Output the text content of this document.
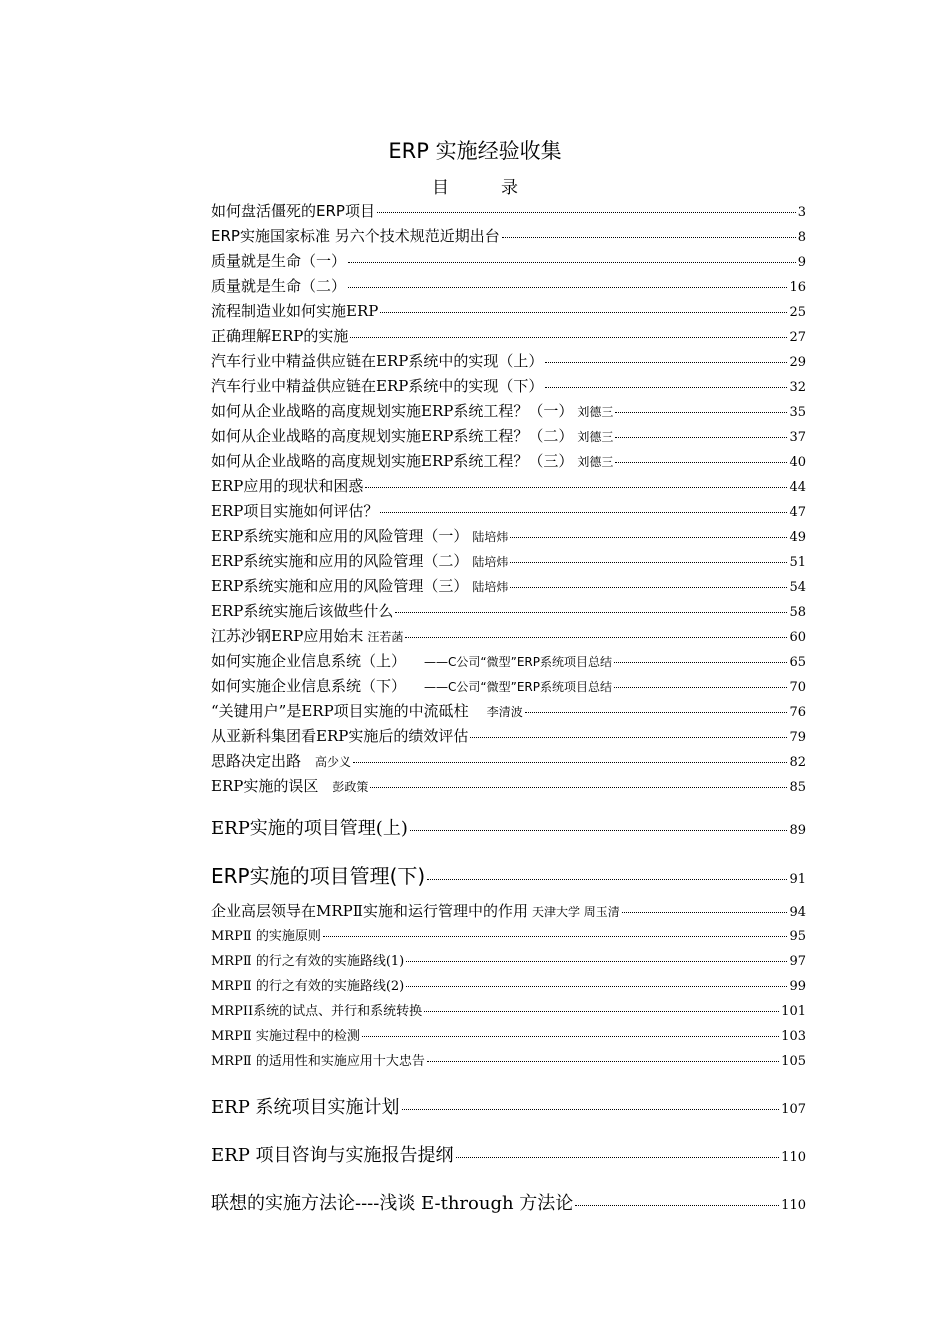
ERP 实施经验收集
目	录
如何盘活僵死的ERP项目	3
ERP实施国家标准 另六个技术规范近期出台	8
质量就是生命（一）	9
质量就是生命（二）	16
流程制造业如何实施ERP	25
正确理解ERP的实施	27
汽车行业中精益供应链在ERP系统中的实现（上）	29
汽车行业中精益供应链在ERP系统中的实现（下）	32
如何从企业战略的高度规划实施ERP系统工程？（一） 刘德三	35
如何从企业战略的高度规划实施ERP系统工程？（二） 刘德三	37
如何从企业战略的高度规划实施ERP系统工程？（三） 刘德三	40
ERP应用的现状和困惑	44
ERP项目实施如何评估？	47
ERP系统实施和应用的风险管理（一） 陆培炜	49
ERP系统实施和应用的风险管理（二） 陆培炜	51
ERP系统实施和应用的风险管理（三） 陆培炜	54
ERP系统实施后该做些什么	58
江苏沙钢ERP应用始末 汪若菡	60
如何实施企业信息系统（上） ——C公司“微型”ERP系统项目总结	65
如何实施企业信息系统（下） ——C公司“微型”ERP系统项目总结	70
“关键用户”是ERP项目实施的中流砥柱 李清波	76
从亚新科集团看ERP实施后的绩效评估	79
思路决定出路 高少义	82
ERP实施的误区 彭政策	85
ERP实施的项目管理(上)	89
ERP实施的项目管理(下)	91
企业高层领导在MRPⅡ实施和运行管理中的作用 天津大学 周玉清	94
MRPⅡ 的实施原则	95
MRPⅡ 的行之有效的实施路线(1)	97
MRPⅡ 的行之有效的实施路线(2)	99
MRPII系统的试点、并行和系统转换	101
MRPⅡ 实施过程中的检测	103
MRPⅡ 的适用性和实施应用十大忠告	105
ERP 系统项目实施计划	107
ERP 项目咨询与实施报告提纲	110
联想的实施方法论----浅谈 E-through 方法论	110
